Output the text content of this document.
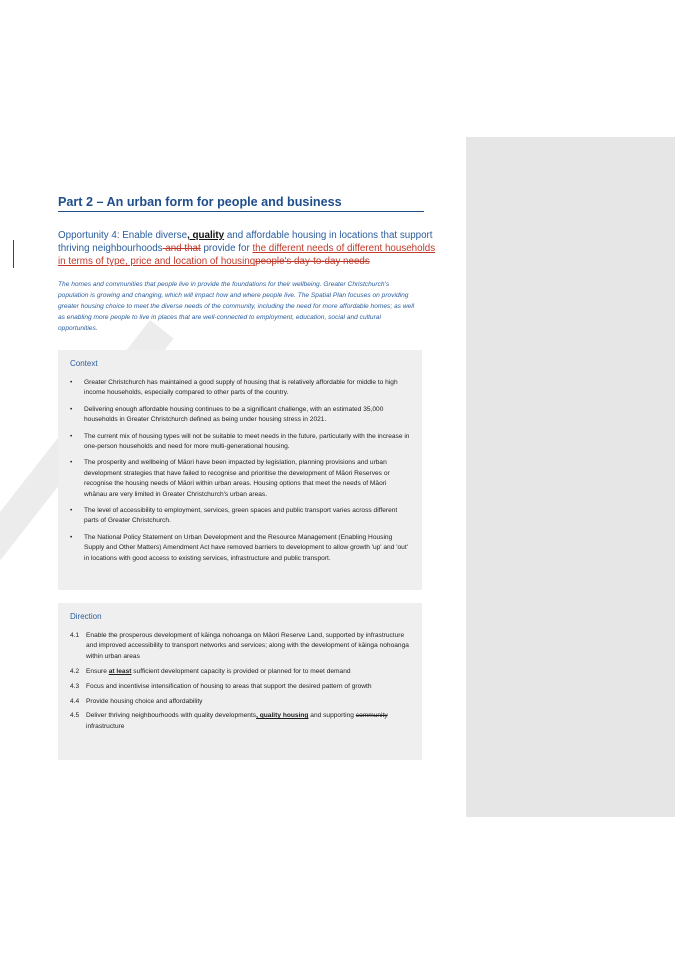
Part 2 – An urban form for people and business

Opportunity 4: Enable diverse, quality and affordable housing in locations that support thriving neighbourhoods and that provide for the different needs of different households in terms of type, price and location of housingpeople's day-to-day needs

The homes and communities that people live in provide the foundations for their wellbeing. Greater Christchurch's population is growing and changing, which will impact how and where people live. The Spatial Plan focuses on providing greater housing choice to meet the diverse needs of the community, including the need for more affordable homes; as well as enabling more people to live in places that are well-connected to employment, education, social and cultural opportunities.

Context

• Greater Christchurch has maintained a good supply of housing that is relatively affordable for middle to high income households, especially compared to other parts of the country.
• Delivering enough affordable housing continues to be a significant challenge, with an estimated 35,000 households in Greater Christchurch defined as being under housing stress in 2021.
• The current mix of housing types will not be suitable to meet needs in the future, particularly with the increase in one-person households and need for more multi-generational housing.
• The prosperity and wellbeing of Māori have been impacted by legislation, planning provisions and urban development strategies that have failed to recognise and prioritise the development of Māori Reserves or recognise the housing needs of Māori within urban areas. Housing options that meet the needs of Māori whānau are very limited in Greater Christchurch's urban areas.
• The level of accessibility to employment, services, green spaces and public transport varies across different parts of Greater Christchurch.
• The National Policy Statement on Urban Development and the Resource Management (Enabling Housing Supply and Other Matters) Amendment Act have removed barriers to development to allow growth 'up' and 'out' in locations with good access to existing services, infrastructure and public transport.

Direction

4.1 Enable the prosperous development of kāinga nohoanga on Māori Reserve Land, supported by infrastructure and improved accessibility to transport networks and services; along with the development of kāinga nohoanga within urban areas
4.2 Ensure at least sufficient development capacity is provided or planned for to meet demand
4.3 Focus and incentivise intensification of housing to areas that support the desired pattern of growth
4.4 Provide housing choice and affordability
4.5 Deliver thriving neighbourhoods with quality developments, quality housing and supporting community infrastructure
